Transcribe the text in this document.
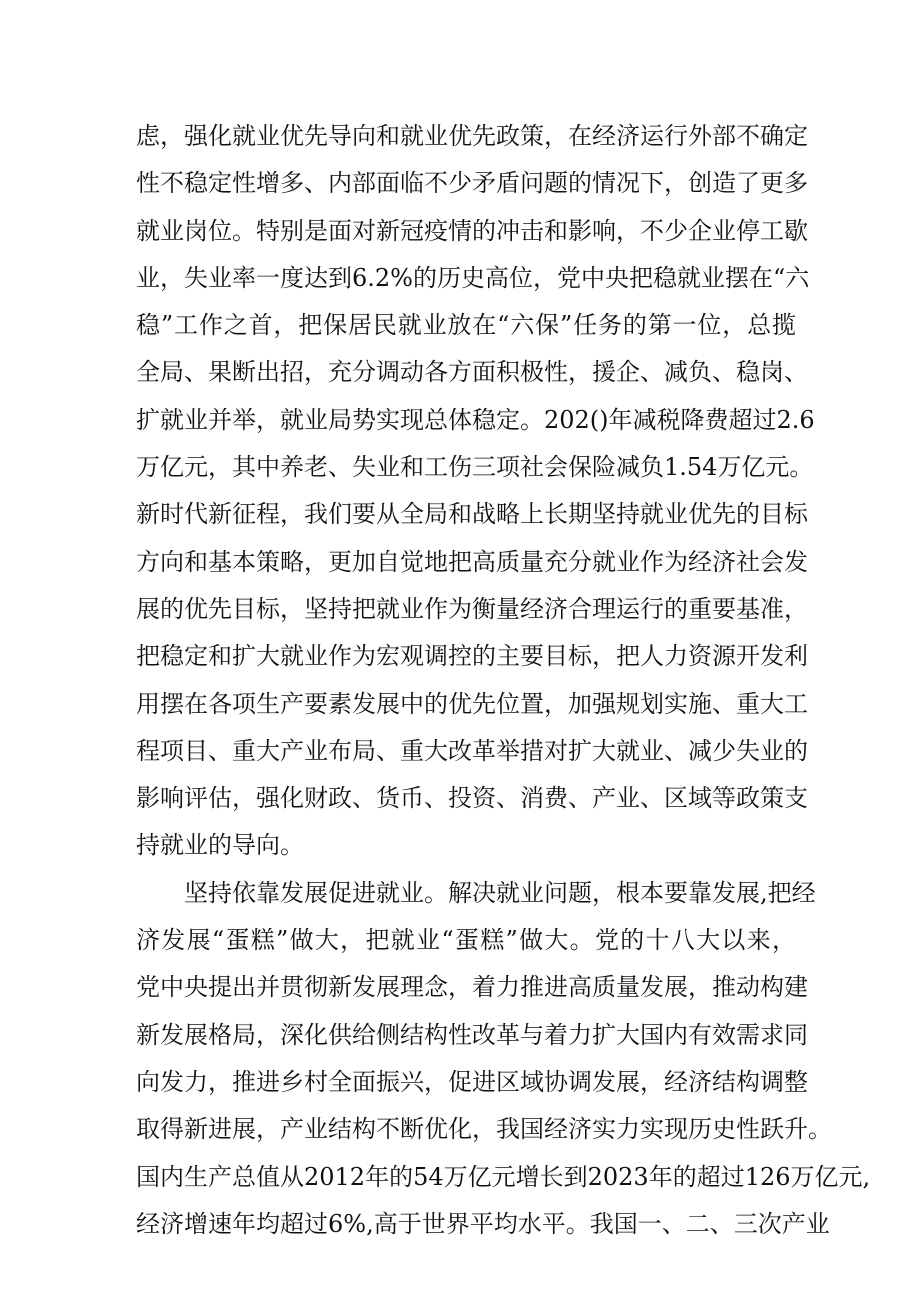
虑，强化就业优先导向和就业优先政策，在经济运行外部不确定
性不稳定性增多、内部面临不少矛盾问题的情况下，创造了更多
就业岗位。特别是面对新冠疫情的冲击和影响，不少企业停工歇
业，失业率一度达到6.2%的历史高位，党中央把稳就业摆在“六
稳”工作之首，把保居民就业放在“六保”任务的第一位，总揽
全局、果断出招，充分调动各方面积极性，援企、减负、稳岗、
扩就业并举，就业局势实现总体稳定。202()年减税降费超过2.6
万亿元，其中养老、失业和工伤三项社会保险减负1.54万亿元。
新时代新征程，我们要从全局和战略上长期坚持就业优先的目标
方向和基本策略，更加自觉地把高质量充分就业作为经济社会发
展的优先目标，坚持把就业作为衡量经济合理运行的重要基准，
把稳定和扩大就业作为宏观调控的主要目标，把人力资源开发利
用摆在各项生产要素发展中的优先位置，加强规划实施、重大工
程项目、重大产业布局、重大改革举措对扩大就业、减少失业的
影响评估，强化财政、货币、投资、消费、产业、区域等政策支
持就业的导向。
坚持依靠发展促进就业。解决就业问题，根本要靠发展,把经
济发展“蛋糕”做大，把就业“蛋糕”做大。党的十八大以来，
党中央提出并贯彻新发展理念，着力推进高质量发展，推动构建
新发展格局，深化供给侧结构性改革与着力扩大国内有效需求同
向发力，推进乡村全面振兴，促进区域协调发展，经济结构调整
取得新进展，产业结构不断优化，我国经济实力实现历史性跃升。
国内生产总值从2012年的54万亿元增长到2023年的超过126万亿元,
经济增速年均超过6%,高于世界平均水平。我国一、二、三次产业
